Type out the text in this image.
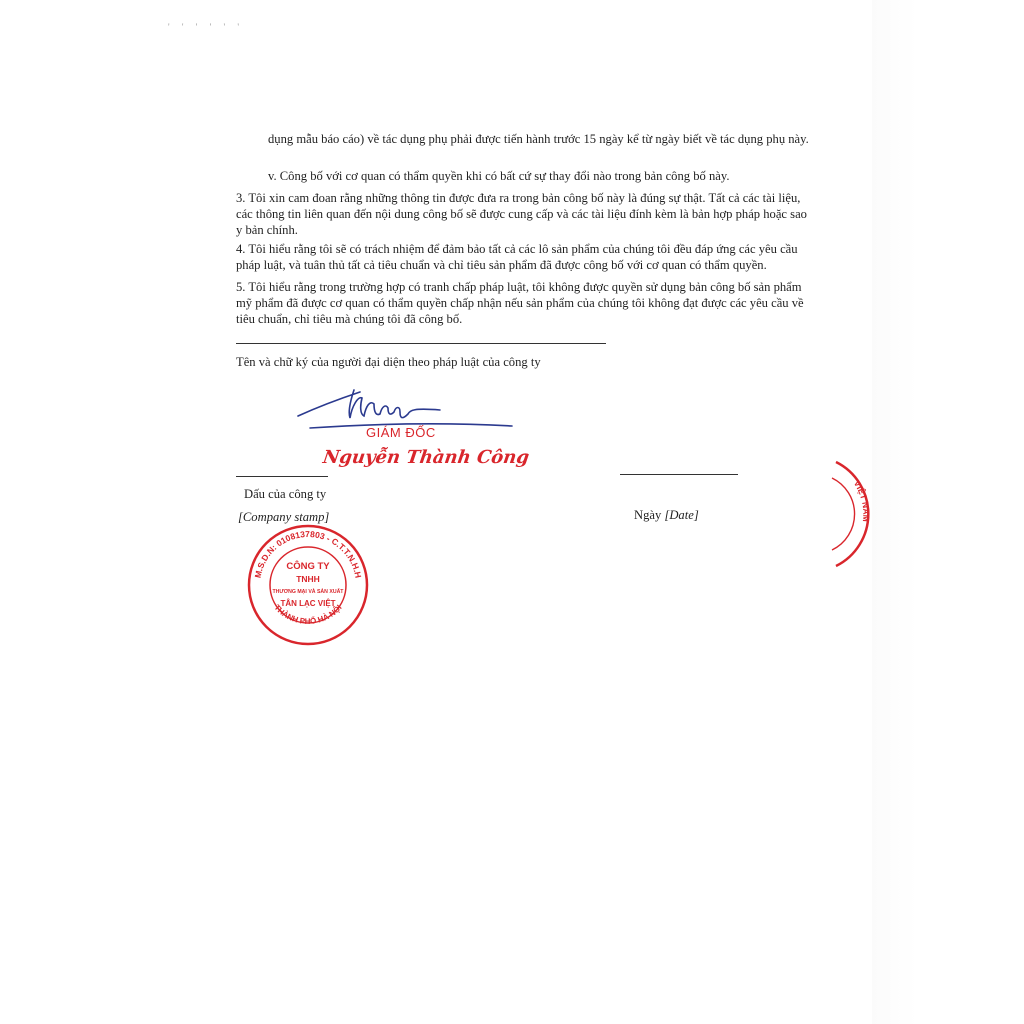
' ' ' ' ' '
dụng mẫu báo cáo) về tác dụng phụ phải được tiến hành trước 15 ngày kể từ ngày biết về tác dụng phụ này.
v. Công bố với cơ quan có thẩm quyền khi có bất cứ sự thay đổi nào trong bản công bố này.
3. Tôi xin cam đoan rằng những thông tin được đưa ra trong bản công bố này là đúng sự thật. Tất cả các tài liệu, các thông tin liên quan đến nội dung công bố sẽ được cung cấp và các tài liệu đính kèm là bản hợp pháp hoặc sao y bản chính.
4. Tôi hiểu rằng tôi sẽ có trách nhiệm để đảm bảo tất cả các lô sản phẩm của chúng tôi đều đáp ứng các yêu cầu pháp luật, và tuân thủ tất cả tiêu chuẩn và chỉ tiêu sản phẩm đã được công bố với cơ quan có thẩm quyền.
5. Tôi hiểu rằng trong trường hợp có tranh chấp pháp luật, tôi không được quyền sử dụng bản công bố sản phẩm mỹ phẩm đã được cơ quan có thẩm quyền chấp nhận nếu sản phẩm của chúng tôi không đạt được các yêu cầu về tiêu chuẩn, chỉ tiêu mà chúng tôi đã công bố.
Tên và chữ ký của người đại diện theo pháp luật của công ty
GIÁM ĐỐC
Nguyễn Thành Công
Dấu của công ty
[Company stamp]	Ngày [Date]
M.S.D.N: 0108137803 - C.T.T.N.H.H
THÀNH PHỐ HÀ NỘI
CÔNG TY
TNHH
THƯƠNG MẠI VÀ SẢN XUẤT
TÂN LẠC VIỆT
VIỆT NAM
